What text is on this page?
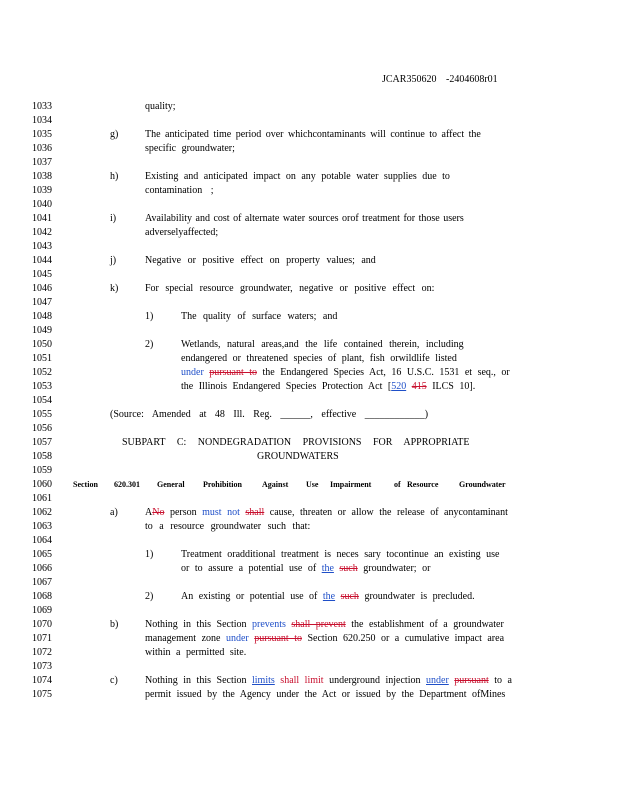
JCAR350620 -2404608r01
1033	quality;
1034
1035	g)	The anticipated time period over whichcontaminants will continue to affect the
1036	specific groundwater;
1037
1038	h)	Existing and anticipated impact on any potable water supplies due to
1039	contamination ;
1040
1041	i)	Availability and cost of alternate water sources orof treatment for those users
1042	adverselyaffected;
1043
1044	j)	Negative or positive effect on property values; and
1045
1046	k)	For special resource groundwater, negative or positive effect on:
1047
1048	1)	The quality of surface waters; and
1049
1050	2)	Wetlands, natural areas,and the life contained therein, including
1051	endangered or threatened species of plant, fish orwildlife listed
1052	under pursuant to the Endangered Species Act, 16 U.S.C. 1531 et seq., or
1053	the Illinois Endangered Species Protection Act [520 415 ILCS 10].
1054
1055	(Source: Amended at 48 Ill. Reg. ______, effective ____________)
1056
1057	SUBPART C: NONDEGRADATION PROVISIONS FOR APPROPRIATE
1058	GROUNDWATERS
1059
1060	Section 620.301 General Prohibition	Against Use Impairment	of Resource	Groundwater
1061
1062	a)	ANo person must not shall cause, threaten or allow the release of anycontaminant
1063	to a resource groundwater such that:
1064
1065	1)	Treatment oradditional treatment is neces sary tocontinue an existing use
1066	or to assure a potential use of the such groundwater; or
1067
1068	2)	An existing or potential use of the such groundwater is precluded.
1069
1070	b)	Nothing in this Section prevents shall prevent the establishment of a groundwater
1071	management zone under pursuant to Section 620.250 or a cumulative impact area
1072	within a permitted site.
1073
1074	c)	Nothing in this Section limits shall limit underground injection under pursuant to a
1075	permit issued by the Agency under the Act or issued by the Department ofMines
